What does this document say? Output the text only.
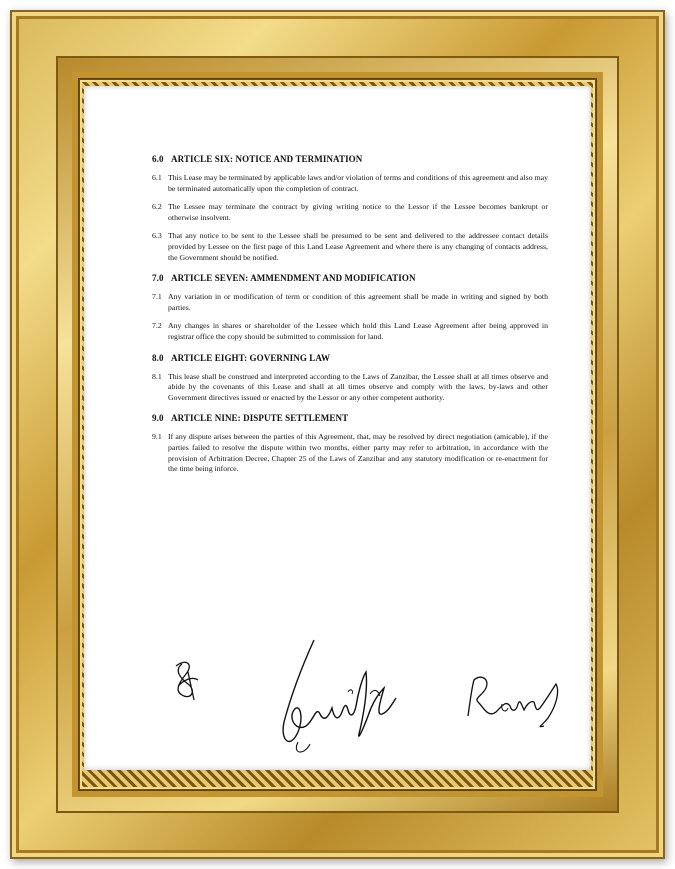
6.0 ARTICLE SIX: NOTICE AND TERMINATION

6.1 This Lease may be terminated by applicable laws and/or violation of terms and conditions of this agreement and also may be terminated automatically upon the completion of contract.

6.2 The Lessee may terminate the contract by giving writing notice to the Lessor if the Lessee becomes bankrupt or otherwise insolvent.

6.3 That any notice to be sent to the Lessee shall be presumed to be sent and delivered to the addressee contact details provided by Lessee on the first page of this Land Lease Agreement and where there is any changing of contacts address, the Government should be notified.

7.0 ARTICLE SEVEN: AMMENDMENT AND MODIFICATION

7.1 Any variation in or modification of term or condition of this agreement shall be made in writing and signed by both parties.

7.2 Any changes in shares or shareholder of the Lessee which hold this Land Lease Agreement after being approved in registrar office the copy should be submitted to commission for land.

8.0 ARTICLE EIGHT: GOVERNING LAW

8.1 This lease shall be construed and interpreted according to the Laws of Zanzibar, the Lessee shall at all times observe and abide by the covenants of this Lease and shall at all times observe and comply with the laws, by-laws and other Government directives issued or enacted by the Lessor or any other competent authority.

9.0 ARTICLE NINE: DISPUTE SETTLEMENT

9.1 If any dispute arises between the parties of this Agreement, that, may be resolved by direct negotiation (amicable), if the parties failed to resolve the dispute within two months, either party may refer to arbitration, in accordance with the provision of Arbitration Decree, Chapter 25 of the Laws of Zanzibar and any statutory modification or re-enactment for the time being inforce.
